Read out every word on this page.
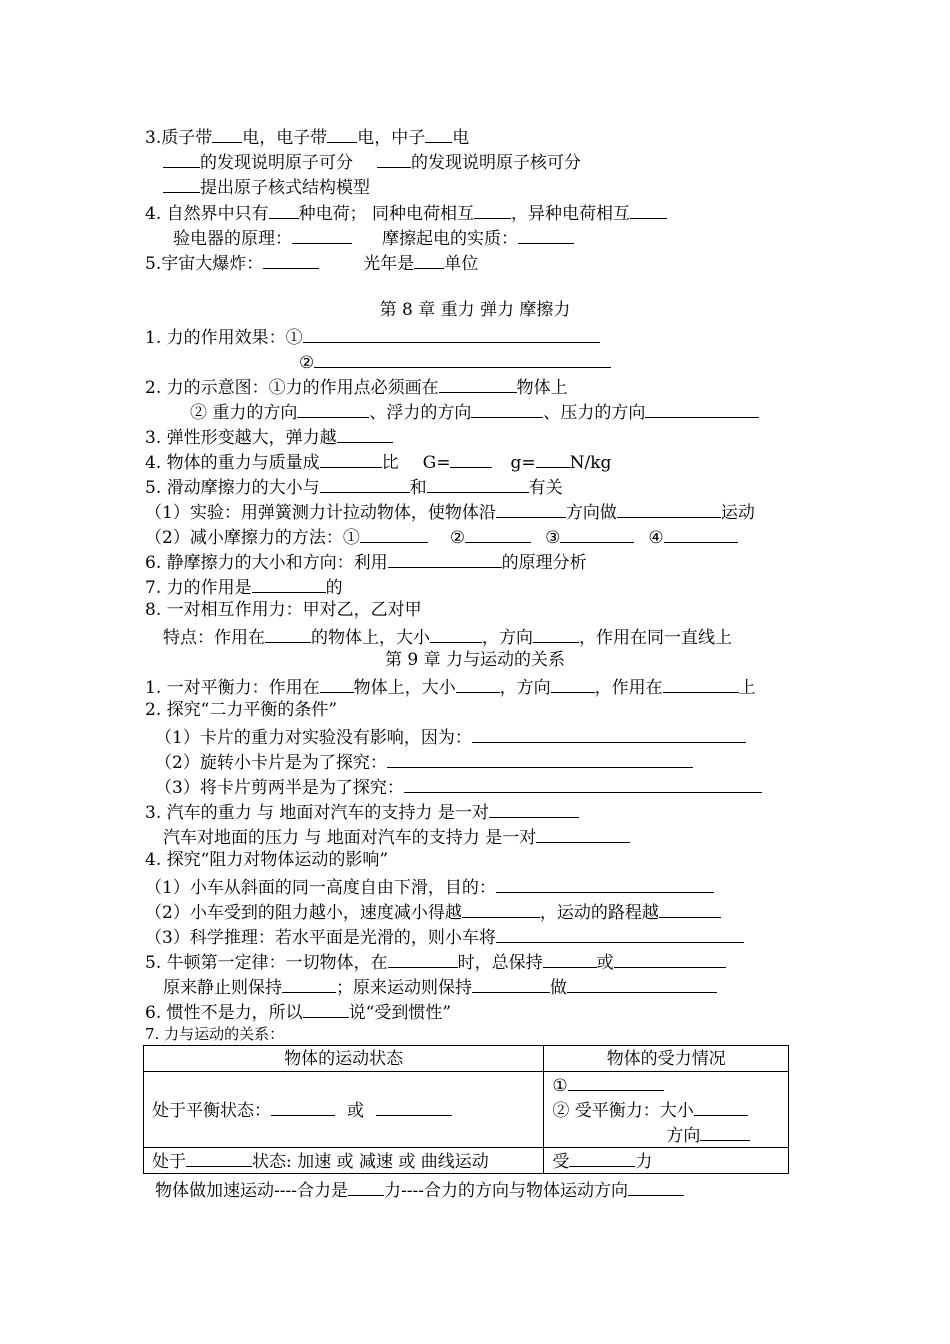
3.质子带 电，电子带 电，中子 电
的发现说明原子可分	的发现说明原子核可分
提出原子核式结构模型
4. 自然界中只有 种电荷； 同种电荷相互 ，异种电荷相互
验电器的原理：	摩擦起电的实质：
5.宇宙大爆炸：	光年是 单位
第 8 章 重力 弹力 摩擦力
1. 力的作用效果：①
②
2. 力的示意图：①力的作用点必须画在	物体上
② 重力的方向	、浮力的方向	、压力的方向
3. 弹性形变越大，弹力越
4. 物体的重力与质量成	比 G=	g= N/kg
5. 滑动摩擦力的大小与	和	有关
（1）实验：用弹簧测力计拉动物体，使物体沿	方向做	运动
（2）减小摩擦力的方法：①	②	③	④
6. 静摩擦力的大小和方向：利用	的原理分析
7. 力的作用是	的
8. 一对相互作用力：甲对乙，乙对甲
特点：作用在	的物体上，大小	，方向	，作用在同一直线上
第 9 章 力与运动的关系
1. 一对平衡力：作用在 物体上，大小	，方向	，作用在	上
2. 探究“二力平衡的条件”
（1）卡片的重力对实验没有影响，因为：
（2）旋转小卡片是为了探究：
（3）将卡片剪两半是为了探究：
3. 汽车的重力 与 地面对汽车的支持力 是一对
汽车对地面的压力 与 地面对汽车的支持力 是一对
4. 探究“阻力对物体运动的影响”
（1）小车从斜面的同一高度自由下滑，目的：
（2）小车受到的阻力越小，速度减小得越	，运动的路程越
（3）科学推理：若水平面是光滑的，则小车将
5. 牛顿第一定律：一切物体，在	时，总保持	或
原来静止则保持	；原来运动则保持	做
6. 惯性不是力，所以	说“受到惯性”
7. 力与运动的关系：
物体的运动状态	物体的受力情况
处于平衡状态： 或	①
② 受平衡力：大小
方向

处于 状态: 加速 或 减速 或 曲线运动	受 力
物体做加速运动----合力是 力----合力的方向与物体运动方向
